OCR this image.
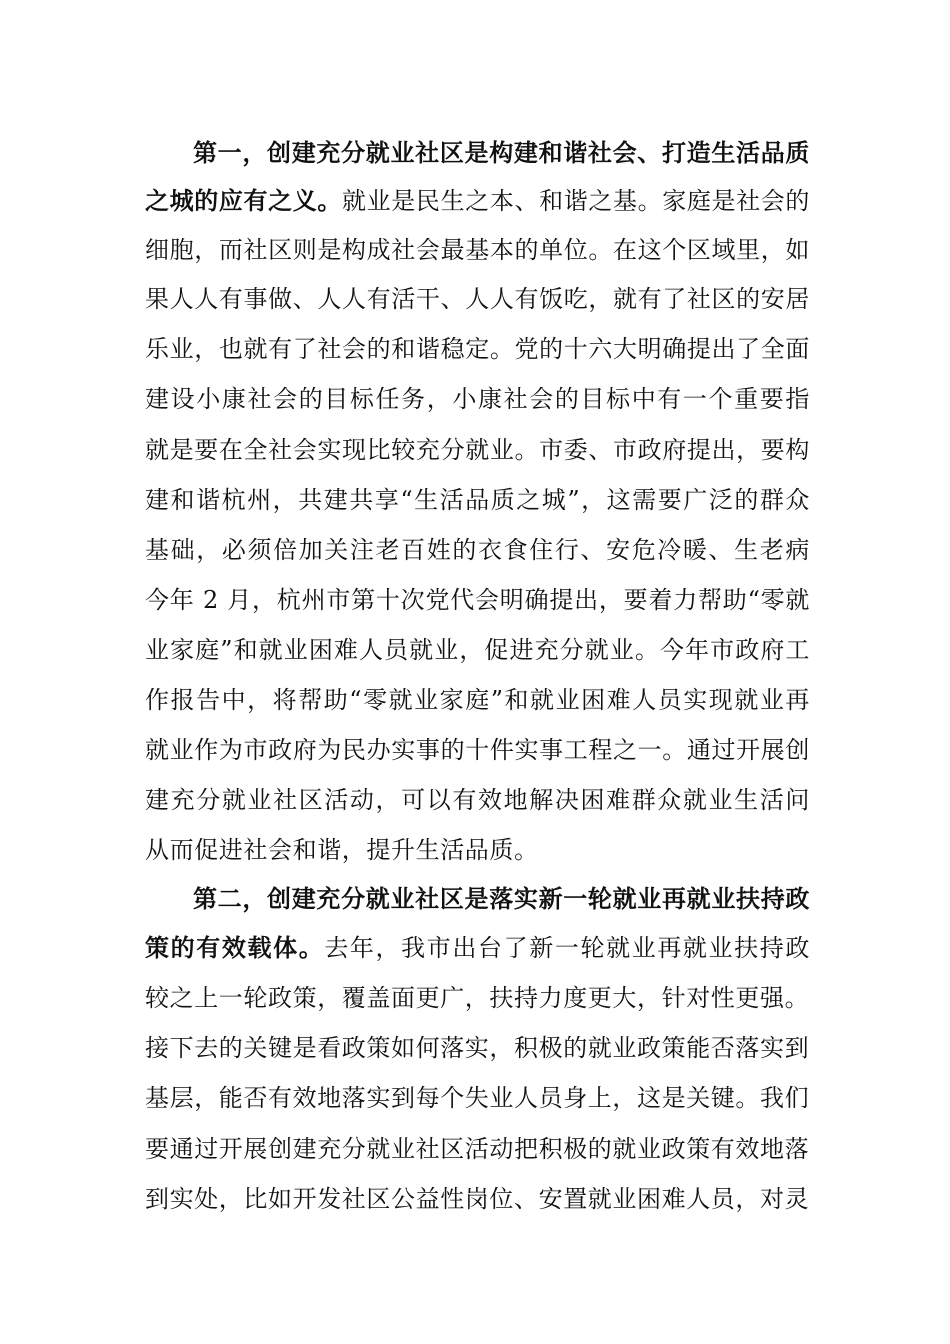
第一，创建充分就业社区是构建和谐社会、打造生活品质
之城的应有之义。就业是民生之本、和谐之基。家庭是社会的
细胞，而社区则是构成社会最基本的单位。在这个区域里，如
果人人有事做、人人有活干、人人有饭吃，就有了社区的安居
乐业，也就有了社会的和谐稳定。党的十六大明确提出了全面
建设小康社会的目标任务，小康社会的目标中有一个重要指
就是要在全社会实现比较充分就业。市委、市政府提出，要构
建和谐杭州，共建共享“生活品质之城”，这需要广泛的群众
基础，必须倍加关注老百姓的衣食住行、安危冷暖、生老病
今年 2 月，杭州市第十次党代会明确提出，要着力帮助“零就
业家庭”和就业困难人员就业，促进充分就业。今年市政府工
作报告中，将帮助“零就业家庭”和就业困难人员实现就业再
就业作为市政府为民办实事的十件实事工程之一。通过开展创
建充分就业社区活动，可以有效地解决困难群众就业生活问
从而促进社会和谐，提升生活品质。
第二，创建充分就业社区是落实新一轮就业再就业扶持政
策的有效载体。去年，我市出台了新一轮就业再就业扶持政
较之上一轮政策，覆盖面更广，扶持力度更大，针对性更强。
接下去的关键是看政策如何落实，积极的就业政策能否落实到
基层，能否有效地落实到每个失业人员身上，这是关键。我们
要通过开展创建充分就业社区活动把积极的就业政策有效地落
到实处，比如开发社区公益性岗位、安置就业困难人员，对灵
